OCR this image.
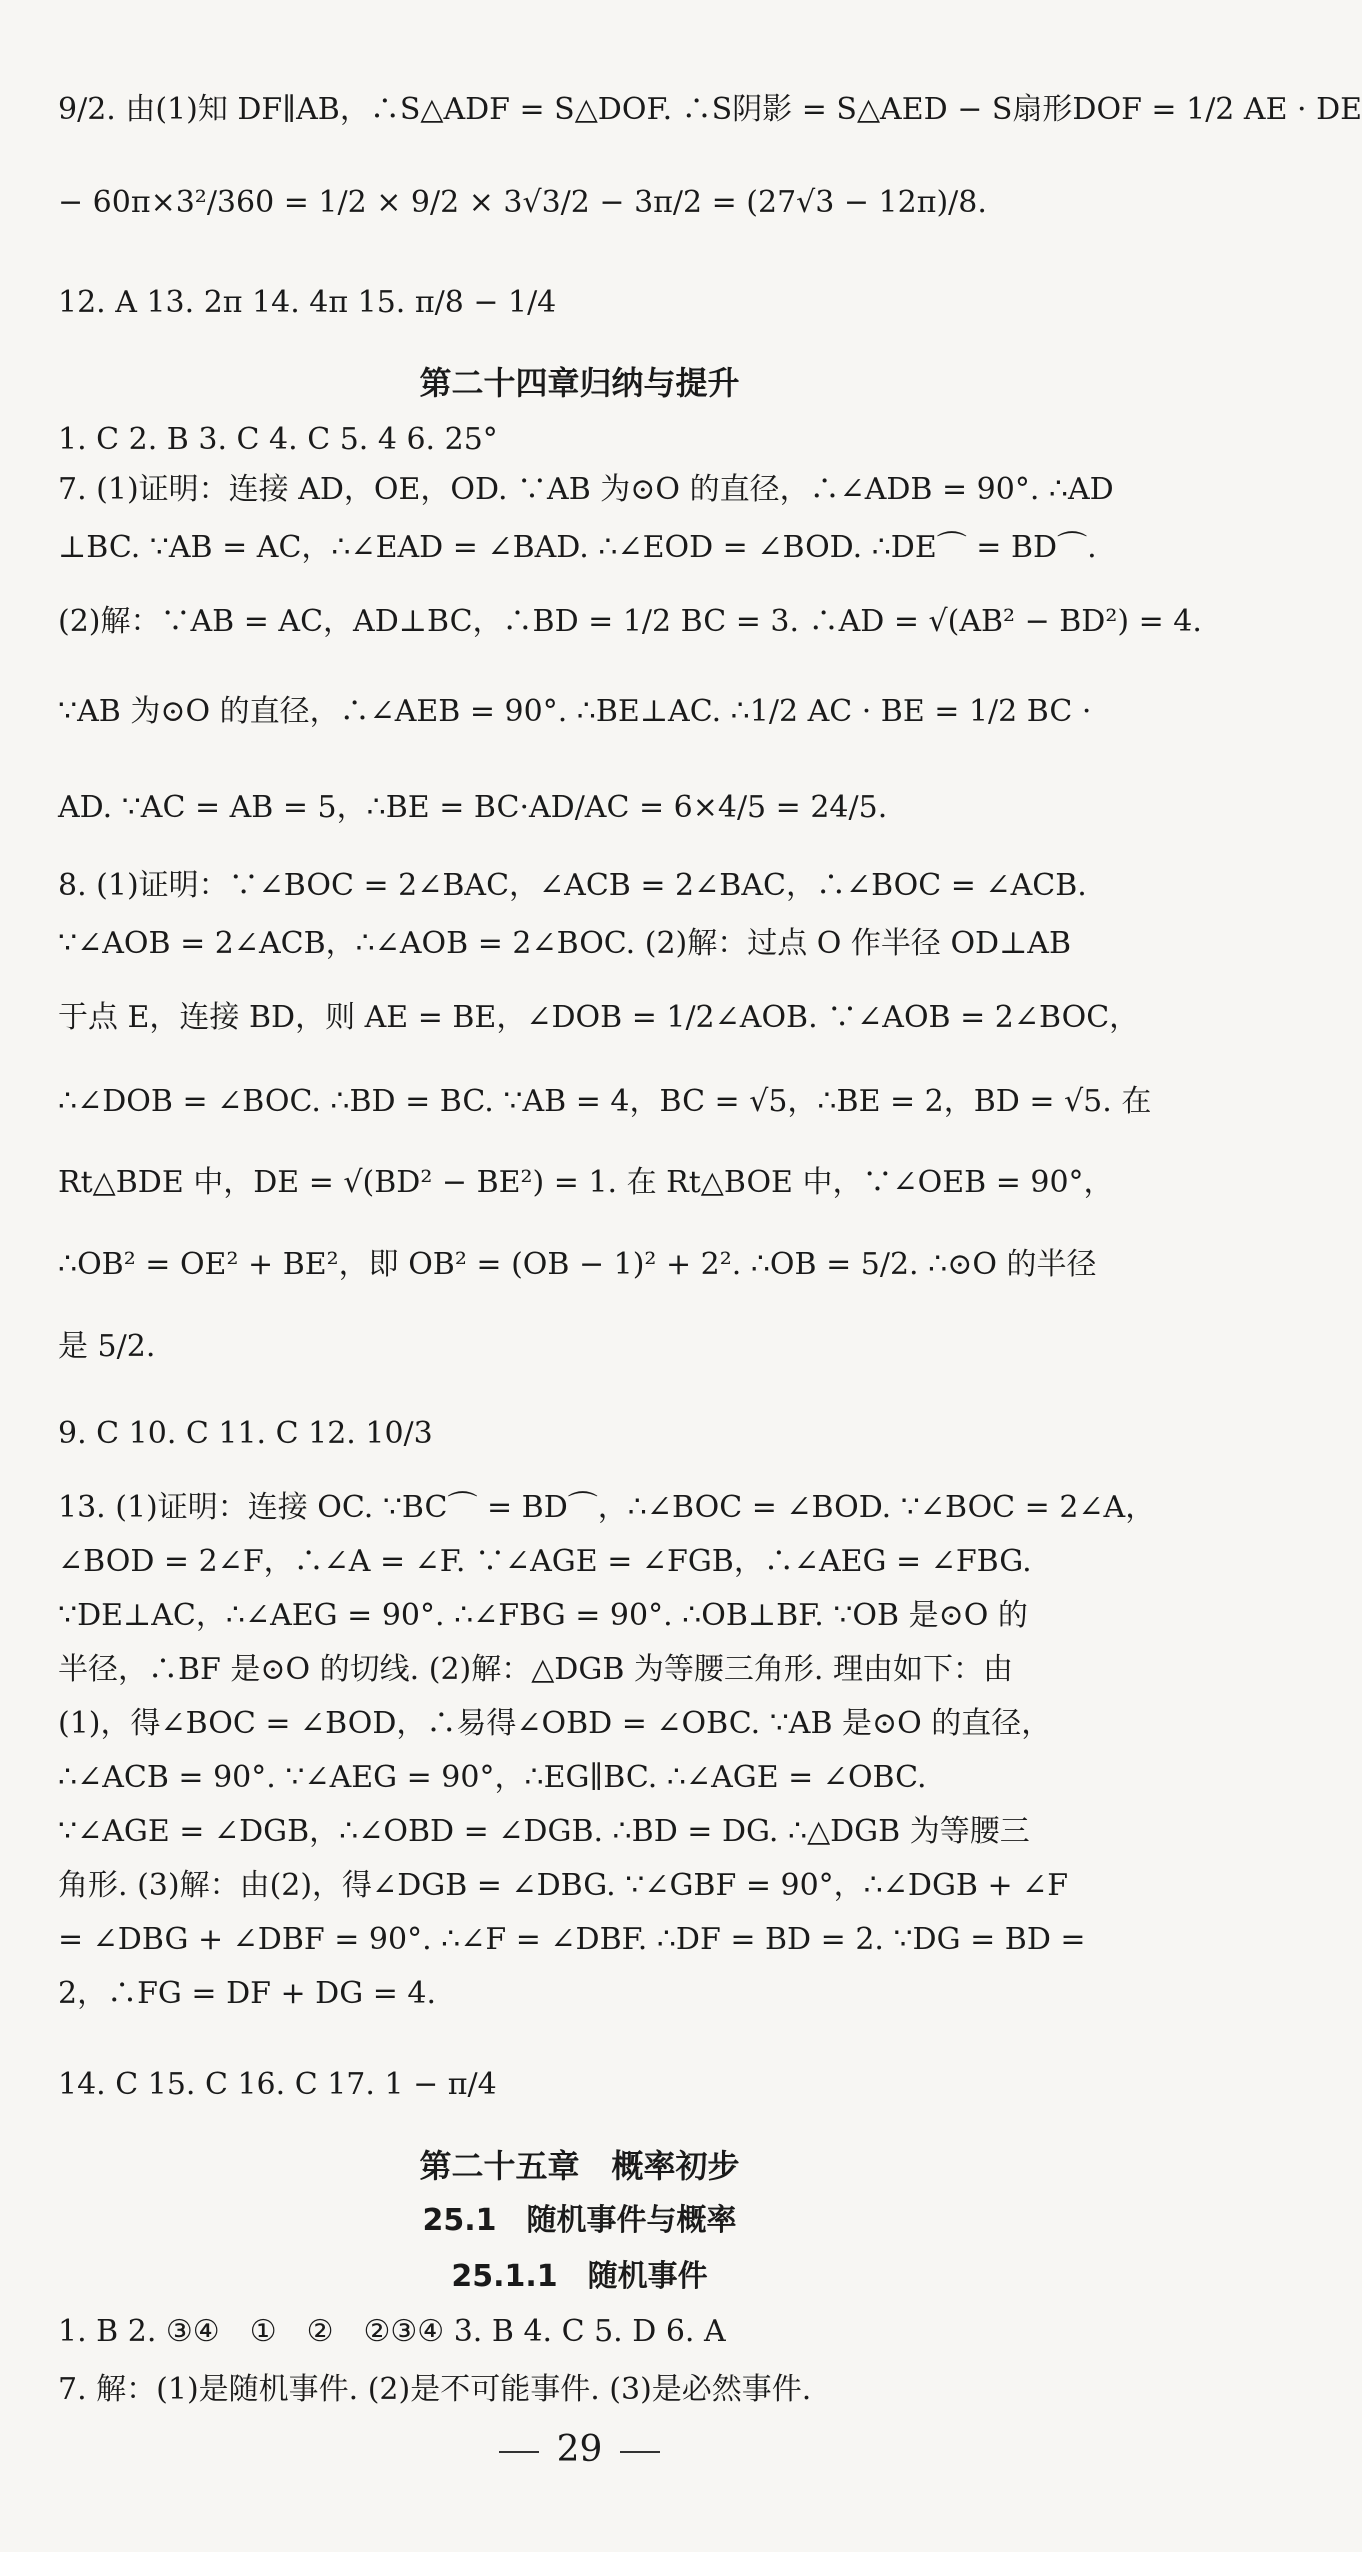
9/2. 由(1)知 DF∥AB，∴S△ADF = S△DOF. ∴S阴影 = S△AED − S扇形DOF = 1/2 AE · DE
− 60π×3²/360 = 1/2 × 9/2 × 3√3/2 − 3π/2 = (27√3 − 12π)/8.
12. A 13. 2π 14. 4π 15. π/8 − 1/4
第二十四章归纳与提升
1. C 2. B 3. C 4. C 5. 4 6. 25°
7. (1)证明：连接 AD，OE，OD. ∵AB 为⊙O 的直径，∴∠ADB = 90°. ∴AD
⊥BC. ∵AB = AC，∴∠EAD = ∠BAD. ∴∠EOD = ∠BOD. ∴DE⌒ = BD⌒.
(2)解：∵AB = AC，AD⊥BC，∴BD = 1/2 BC = 3. ∴AD = √(AB² − BD²) = 4.
∵AB 为⊙O 的直径，∴∠AEB = 90°. ∴BE⊥AC. ∴1/2 AC · BE = 1/2 BC ·
AD. ∵AC = AB = 5，∴BE = BC·AD/AC = 6×4/5 = 24/5.
8. (1)证明：∵∠BOC = 2∠BAC，∠ACB = 2∠BAC，∴∠BOC = ∠ACB.
∵∠AOB = 2∠ACB，∴∠AOB = 2∠BOC. (2)解：过点 O 作半径 OD⊥AB
于点 E，连接 BD，则 AE = BE，∠DOB = 1/2∠AOB. ∵∠AOB = 2∠BOC，
∴∠DOB = ∠BOC. ∴BD = BC. ∵AB = 4，BC = √5，∴BE = 2，BD = √5. 在
Rt△BDE 中，DE = √(BD² − BE²) = 1. 在 Rt△BOE 中，∵∠OEB = 90°，
∴OB² = OE² + BE²，即 OB² = (OB − 1)² + 2². ∴OB = 5/2. ∴⊙O 的半径
是 5/2.
9. C 10. C 11. C 12. 10/3
13. (1)证明：连接 OC. ∵BC⌒ = BD⌒，∴∠BOC = ∠BOD. ∵∠BOC = 2∠A，
∠BOD = 2∠F，∴∠A = ∠F. ∵∠AGE = ∠FGB，∴∠AEG = ∠FBG.
∵DE⊥AC，∴∠AEG = 90°. ∴∠FBG = 90°. ∴OB⊥BF. ∵OB 是⊙O 的
半径，∴BF 是⊙O 的切线. (2)解：△DGB 为等腰三角形. 理由如下：由
(1)，得∠BOC = ∠BOD，∴易得∠OBD = ∠OBC. ∵AB 是⊙O 的直径，
∴∠ACB = 90°. ∵∠AEG = 90°，∴EG∥BC. ∴∠AGE = ∠OBC.
∵∠AGE = ∠DGB，∴∠OBD = ∠DGB. ∴BD = DG. ∴△DGB 为等腰三
角形. (3)解：由(2)，得∠DGB = ∠DBG. ∵∠GBF = 90°，∴∠DGB + ∠F
= ∠DBG + ∠DBF = 90°. ∴∠F = ∠DBF. ∴DF = BD = 2. ∵DG = BD =
2，∴FG = DF + DG = 4.
14. C 15. C 16. C 17. 1 − π/4
第二十五章　概率初步
25.1　随机事件与概率
25.1.1　随机事件
1. B 2. ③④　①　②　②③④ 3. B 4. C 5. D 6. A
7. 解：(1)是随机事件. (2)是不可能事件. (3)是必然事件.
29
